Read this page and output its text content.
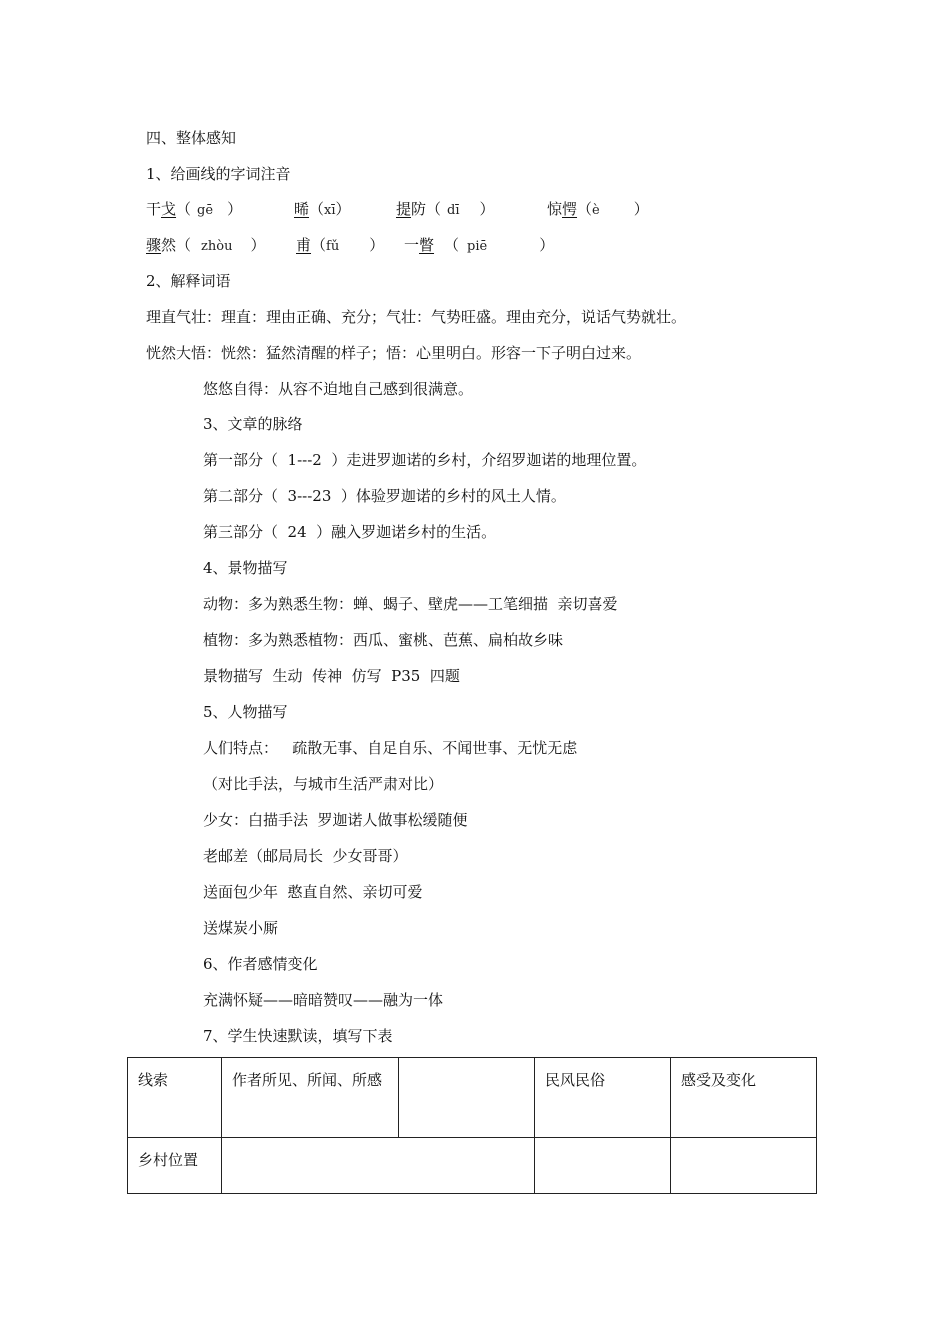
四、整体感知
1、给画线的字词注音
干戈（ gē ）	晞（xī）	提防（ dī ）	惊愕（è ）
骤然（ zhòu ） 甫（fǔ ） 一瞥 （ piē	）
2、解释词语
理直气壮：理直：理由正确、充分；气壮：气势旺盛。理由充分，说话气势就壮。
恍然大悟：恍然：猛然清醒的样子；悟：心里明白。形容一下子明白过来。
悠悠自得：从容不迫地自己感到很满意。
3、文章的脉络
第一部分（  1---2  ）走进罗迦诺的乡村，介绍罗迦诺的地理位置。
第二部分（  3---23  ）体验罗迦诺的乡村的风土人情。
第三部分（  24  ）融入罗迦诺乡村的生活。
4、景物描写
动物：多为熟悉生物：蝉、蝎子、壁虎——工笔细描  亲切喜爱
植物：多为熟悉植物：西瓜、蜜桃、芭蕉、扁柏故乡味
景物描写  生动  传神  仿写  P35  四题
5、人物描写
人们特点：   疏散无事、自足自乐、不闻世事、无忧无虑
（对比手法，与城市生活严肃对比）
少女：白描手法  罗迦诺人做事松缓随便
老邮差（邮局局长  少女哥哥）
送面包少年  憨直自然、亲切可爱
送煤炭小厮
6、作者感情变化
充满怀疑——暗暗赞叹——融为一体
7、学生快速默读，填写下表
线索	作者所见、所闻、所感		民风民俗	感受及变化
乡村位置				
